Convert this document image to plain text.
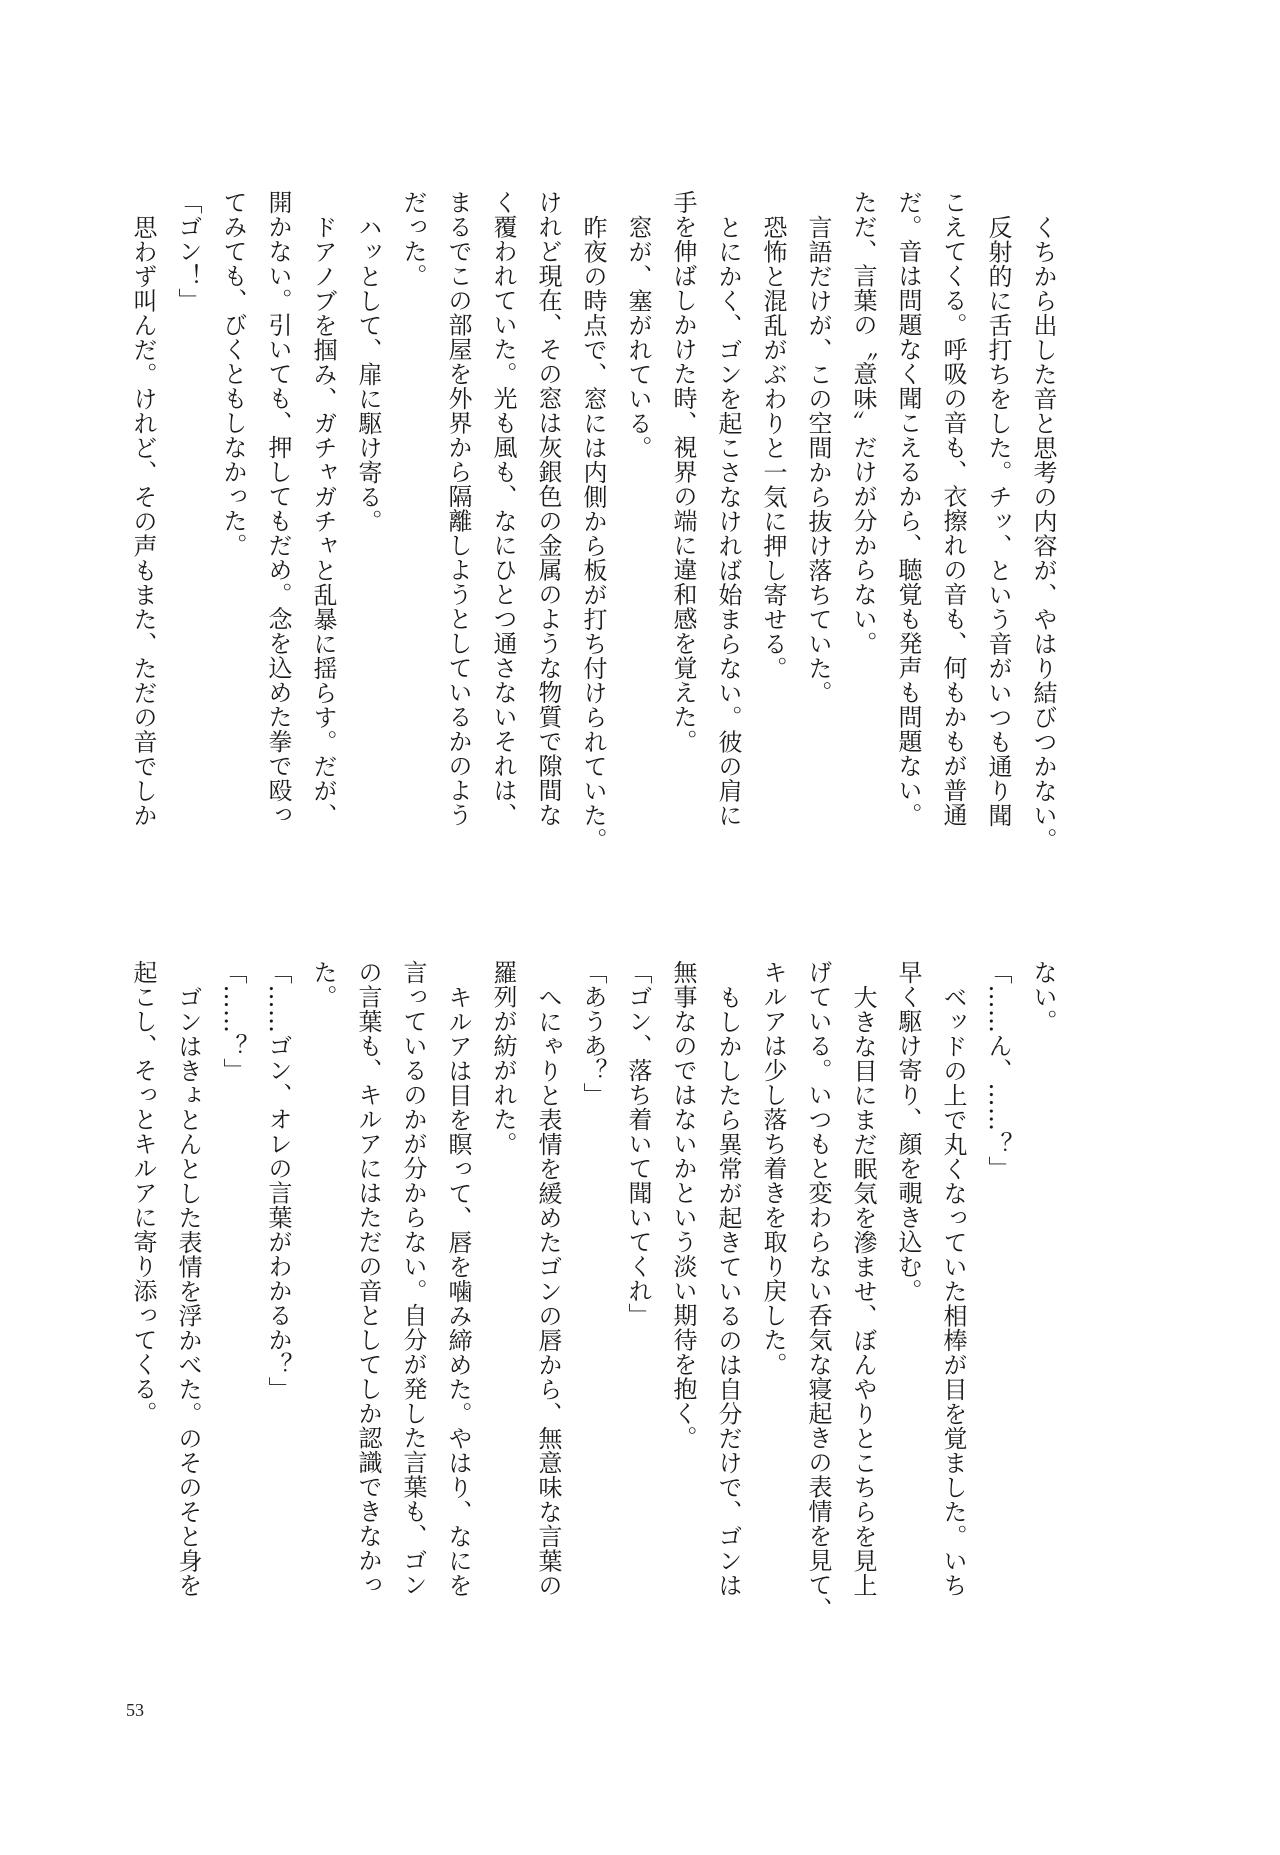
くちから出した音と思考の内容が、やはり結びつかない。
反射的に舌打ちをした。チッ、という音がいつも通り聞
こえてくる。呼吸の音も、衣擦れの音も、何もかもが普通
だ。音は問題なく聞こえるから、聴覚も発声も問題ない。
ただ、言葉の〝意味〟だけが分からない。
言語だけが、この空間から抜け落ちていた。
恐怖と混乱がぶわりと一気に押し寄せる。
とにかく、ゴンを起こさなければ始まらない。彼の肩に
手を伸ばしかけた時、視界の端に違和感を覚えた。
窓が、塞がれている。
昨夜の時点で、窓には内側から板が打ち付けられていた。
けれど現在、その窓は灰銀色の金属のような物質で隙間な
く覆われていた。光も風も、なにひとつ通さないそれは、
まるでこの部屋を外界から隔離しようとしているかのよう
だった。
ハッとして、扉に駆け寄る。
ドアノブを掴み、ガチャガチャと乱暴に揺らす。だが、
開かない。引いても、押してもだめ。念を込めた拳で殴っ
てみても、びくともしなかった。
「ゴン！」
思わず叫んだ。けれど、その声もまた、ただの音でしか
ない。
「……ん、……？」
ベッドの上で丸くなっていた相棒が目を覚ました。いち
早く駆け寄り、顔を覗き込む。
大きな目にまだ眠気を滲ませ、ぼんやりとこちらを見上
げている。いつもと変わらない呑気な寝起きの表情を見て、
キルアは少し落ち着きを取り戻した。
もしかしたら異常が起きているのは自分だけで、ゴンは
無事なのではないかという淡い期待を抱く。
「ゴン、落ち着いて聞いてくれ」
「あうあ？」
へにゃりと表情を緩めたゴンの唇から、無意味な言葉の
羅列が紡がれた。
キルアは目を瞑って、唇を噛み締めた。やはり、なにを
言っているのかが分からない。自分が発した言葉も、ゴン
の言葉も、キルアにはただの音としてしか認識できなかっ
た。
「……ゴン、オレの言葉がわかるか？」
「……？」
ゴンはきょとんとした表情を浮かべた。のそのそと身を
起こし、そっとキルアに寄り添ってくる。
53
